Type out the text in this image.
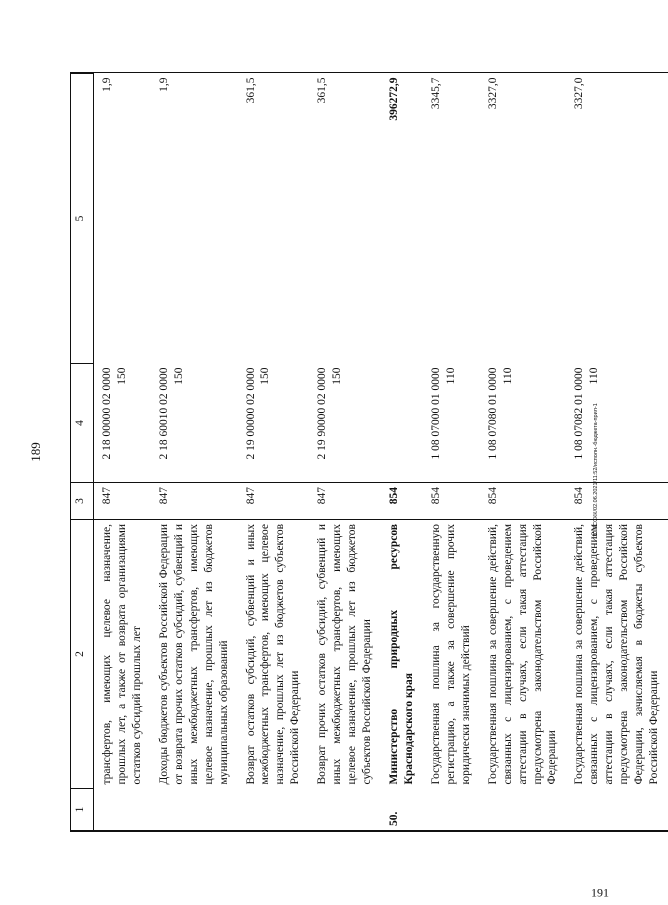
189
1	2	3	4	5
	трансфертов, имеющих целевое назначение, прошлых лет, а также от возврата организациями остатков субсидий прошлых лет	847	2 18 00000 02 0000 150	1,9
	Доходы бюджетов субъектов Российской Федерации от возврата прочих остатков субсидий, субвенций и иных межбюджетных трансфертов, имеющих целевое назначение, прошлых лет из бюджетов муниципальных образований	847	2 18 60010 02 0000 150	1,9
	Возврат остатков субсидий, субвенций и иных межбюджетных трансфертов, имеющих целевое назначение, прошлых лет из бюджетов субъектов Российской Федерации	847	2 19 00000 02 0000 150	361,5
	Возврат прочих остатков субсидий, субвенций и иных межбюджетных трансфертов, имеющих целевое назначение, прошлых лет из бюджетов субъектов Российской Федерации	847	2 19 90000 02 0000 150	361,5
50.	Министерство природных ресурсов Краснодарского края	854		396272,9
	Государственная пошлина за государственную регистрацию, а также за совершение прочих юридически значимых действий	854	1 08 07000 01 0000 110	3345,7
	Государственная пошлина за совершение действий, связанных с лицензированием, с проведением аттестации в случаях, если такая аттестация предусмотрена законодательством Российской Федерации	854	1 08 07080 01 0000 110	3327,0
	Государственная пошлина за совершение действий, связанных с лицензированием, с проведением аттестации в случаях, если такая аттестация предусмотрена законодательством Российской Федерации, зачисляемая в бюджеты субъектов Российской Федерации	854	1 08 07082 01 0000 110	3327,0
20 ЗССКК/02.06.2021/11:52/исполн.-бюджета-прил-1
191
